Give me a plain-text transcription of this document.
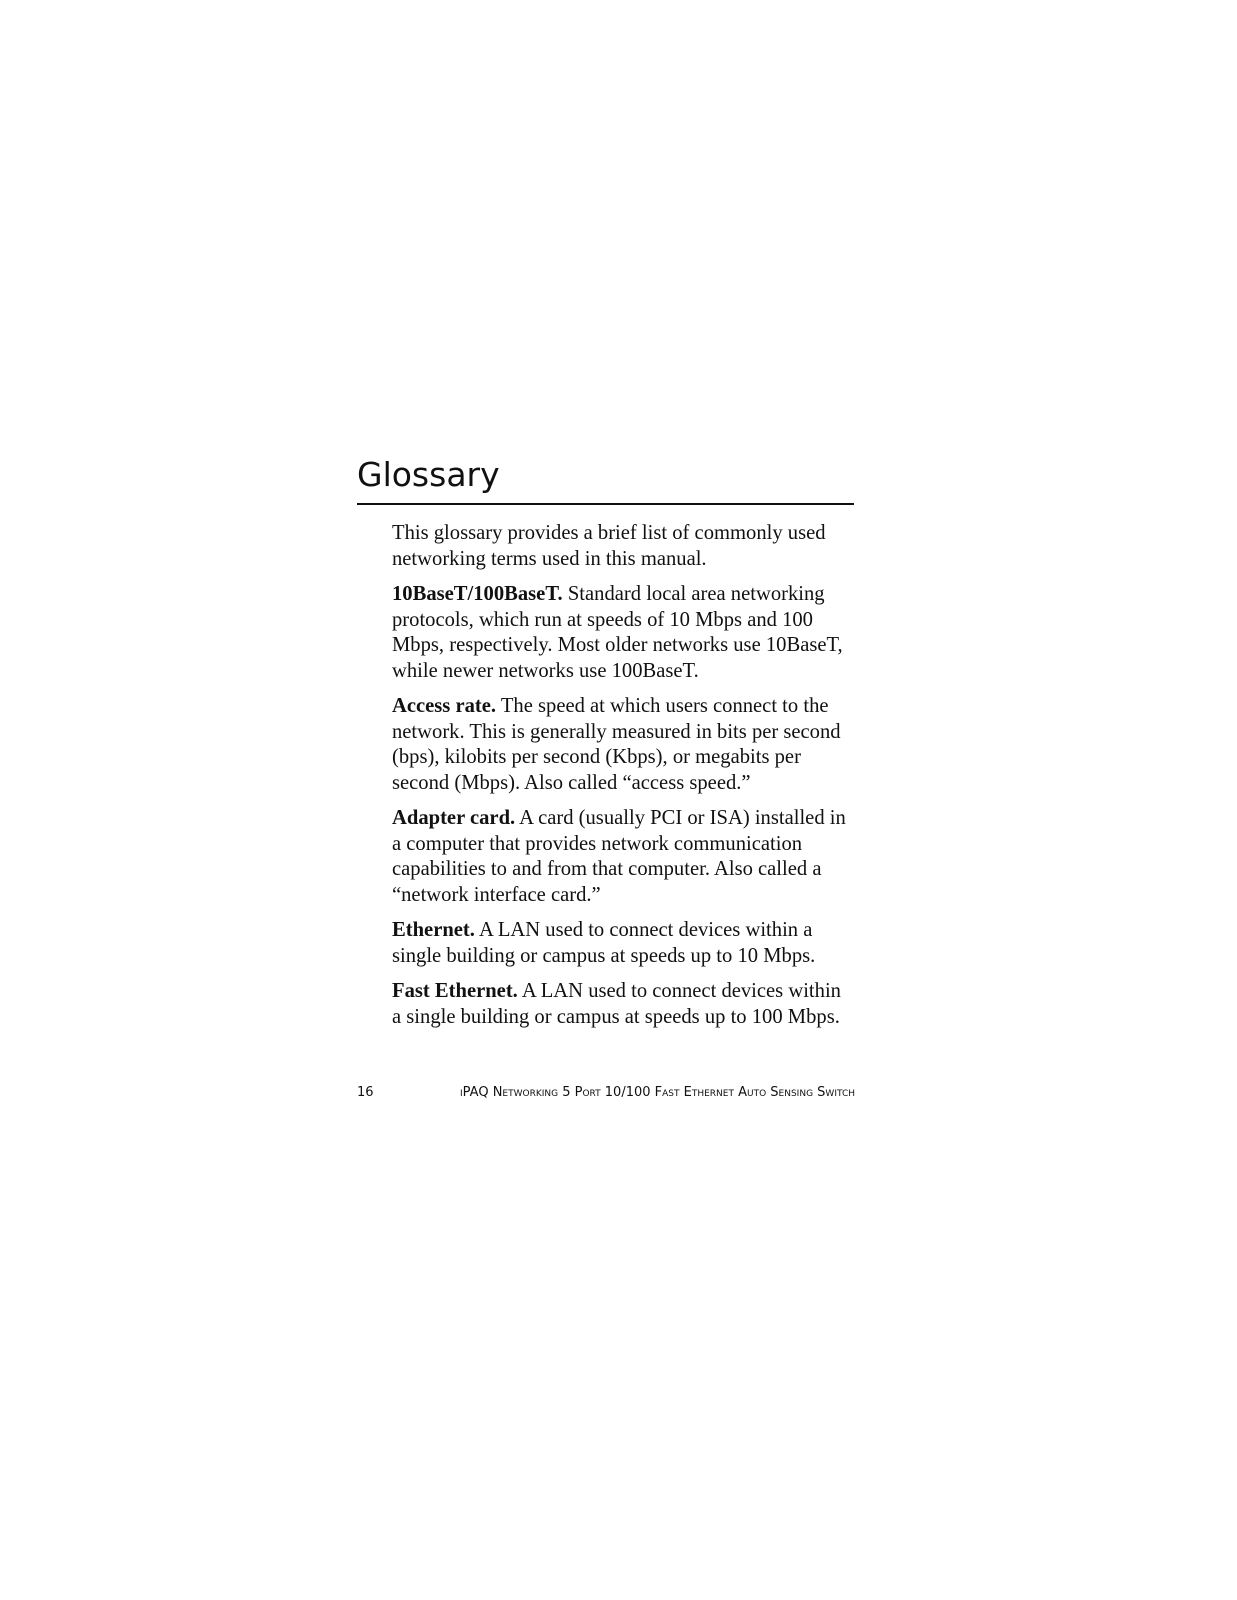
Glossary

This glossary provides a brief list of commonly used networking terms used in this manual.

10BaseT/100BaseT. Standard local area networking protocols, which run at speeds of 10 Mbps and 100 Mbps, respectively. Most older networks use 10BaseT, while newer networks use 100BaseT.

Access rate. The speed at which users connect to the network. This is generally measured in bits per second (bps), kilobits per second (Kbps), or megabits per second (Mbps). Also called “access speed.”

Adapter card. A card (usually PCI or ISA) installed in a computer that provides network communication capabilities to and from that computer. Also called a “network interface card.”

Ethernet. A LAN used to connect devices within a single building or campus at speeds up to 10 Mbps.

Fast Ethernet. A LAN used to connect devices within a single building or campus at speeds up to 100 Mbps.

16	iPAQ Networking 5 Port 10/100 Fast Ethernet Auto Sensing Switch
